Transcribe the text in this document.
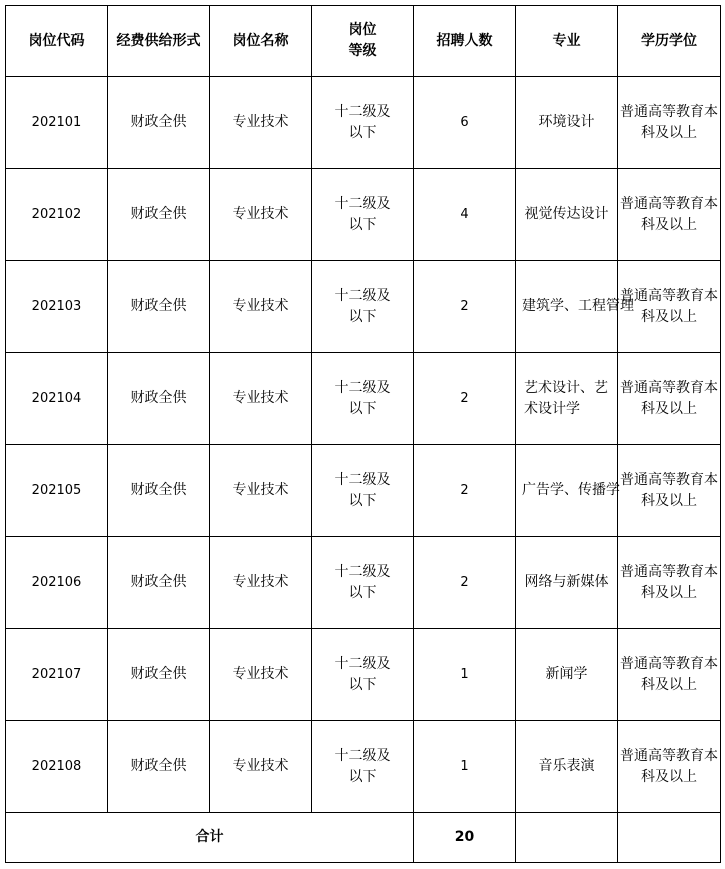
岗位代码	经费供给形式	岗位名称	岗位等级	招聘人数	专业	学历学位
202101	财政全供	专业技术	十二级及以下	6	环境设计	普通高等教育本科及以上
202102	财政全供	专业技术	十二级及以下	4	视觉传达设计	普通高等教育本科及以上
202103	财政全供	专业技术	十二级及以下	2	建筑学、工程管理	普通高等教育本科及以上
202104	财政全供	专业技术	十二级及以下	2	艺术设计、艺术设计学	普通高等教育本科及以上
202105	财政全供	专业技术	十二级及以下	2	广告学、传播学	普通高等教育本科及以上
202106	财政全供	专业技术	十二级及以下	2	网络与新媒体	普通高等教育本科及以上
202107	财政全供	专业技术	十二级及以下	1	新闻学	普通高等教育本科及以上
202108	财政全供	专业技术	十二级及以下	1	音乐表演	普通高等教育本科及以上
合计				20		
